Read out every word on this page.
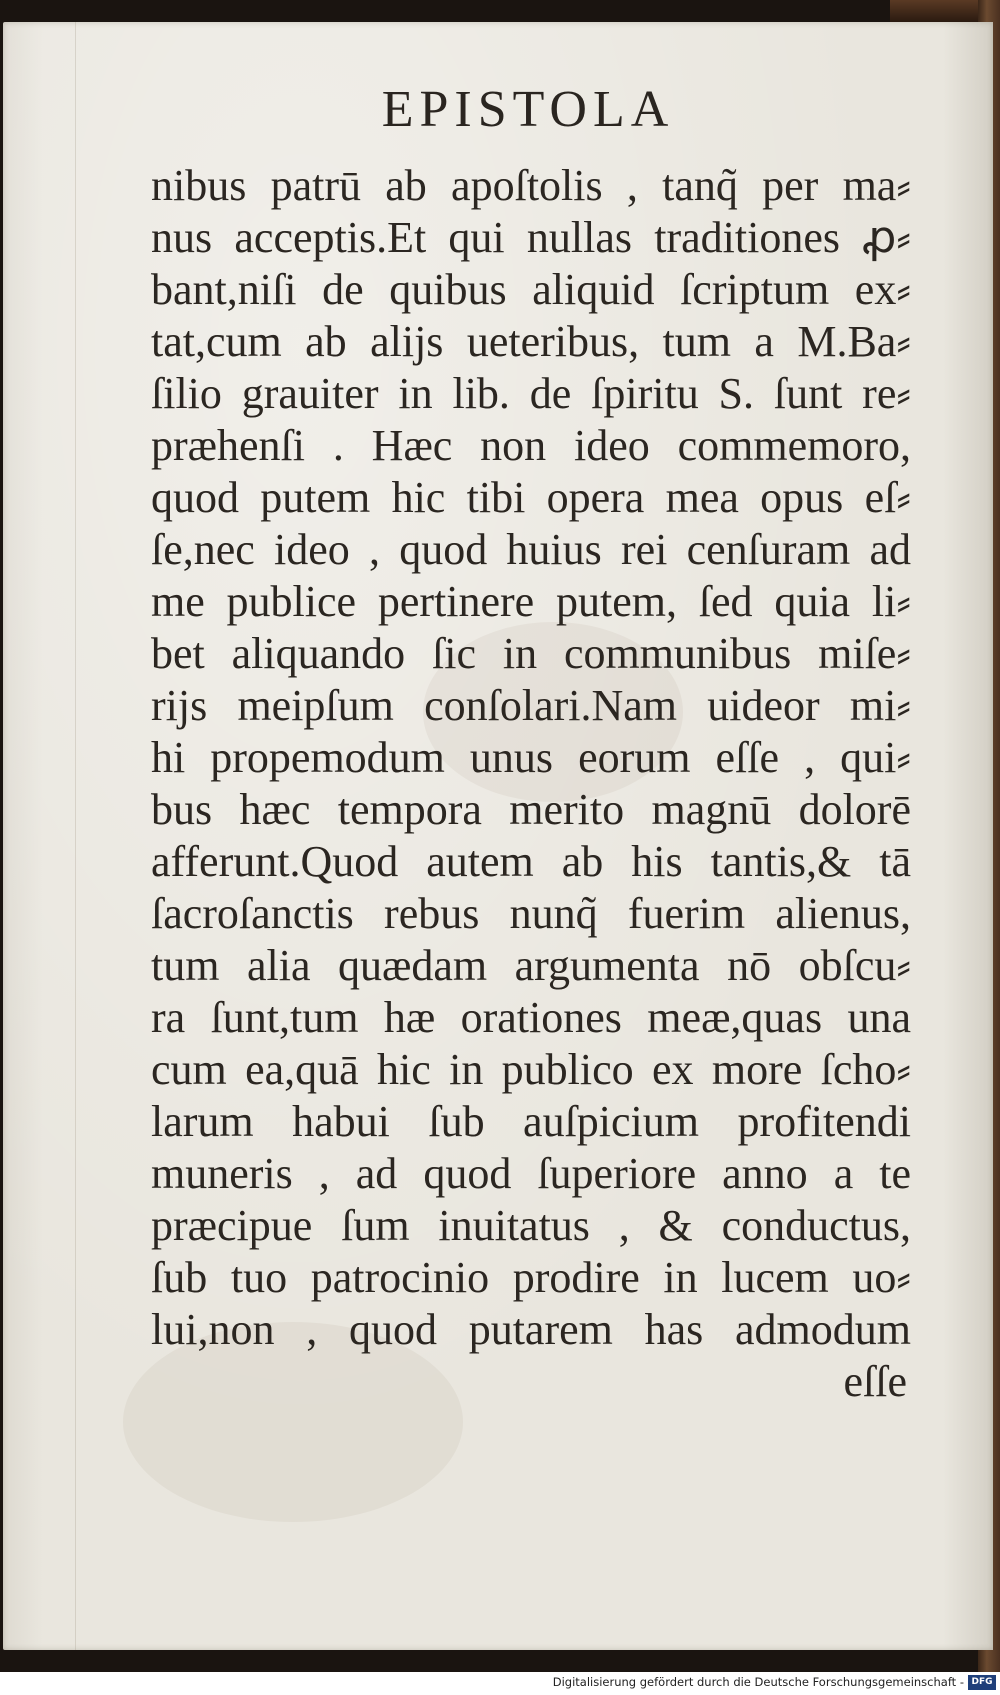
EPISTOLA
nibus patrū ab apoſtolis , tanq̃ per ma⸗
nus acceptis.Et qui nullas traditiones ꝓ⸗
bant,niſi de quibus aliquid ſcriptum ex⸗
tat,cum ab aliјs ueteribus, tum a M.Ba⸗
ſilio grauiter in lib. de ſpiritu S. ſunt re⸗
præhenſi . Hæc non ideo commemoro,
quod putem hic tibi opera mea opus eſ⸗
ſe,nec ideo , quod huius rei cenſuram ad
me publice pertinere putem, ſed quia li⸗
bet aliquando ſic in communibus miſe⸗
rijs meipſum conſolari.Nam uideor mi⸗
hi propemodum unus eorum eſſe , qui⸗
bus hæc tempora merito magnū dolorē
afferunt.Quod autem ab his tantis,& tā
ſacroſanctis rebus nunq̃ fuerim alienus,
tum alia quædam argumenta nō obſcu⸗
ra ſunt,tum hæ orationes meæ,quas una
cum ea,quā hic in publico ex more ſcho⸗
larum habui ſub auſpicium profitendi
muneris , ad quod ſuperiore anno a te
præcipue ſum inuitatus , & conductus,
ſub tuo patrocinio prodire in lucem uo⸗
lui,non , quod putarem has admodum
eſſe
Digitalisierung gefördert durch die Deutsche Forschungsgemeinschaft - DFG
